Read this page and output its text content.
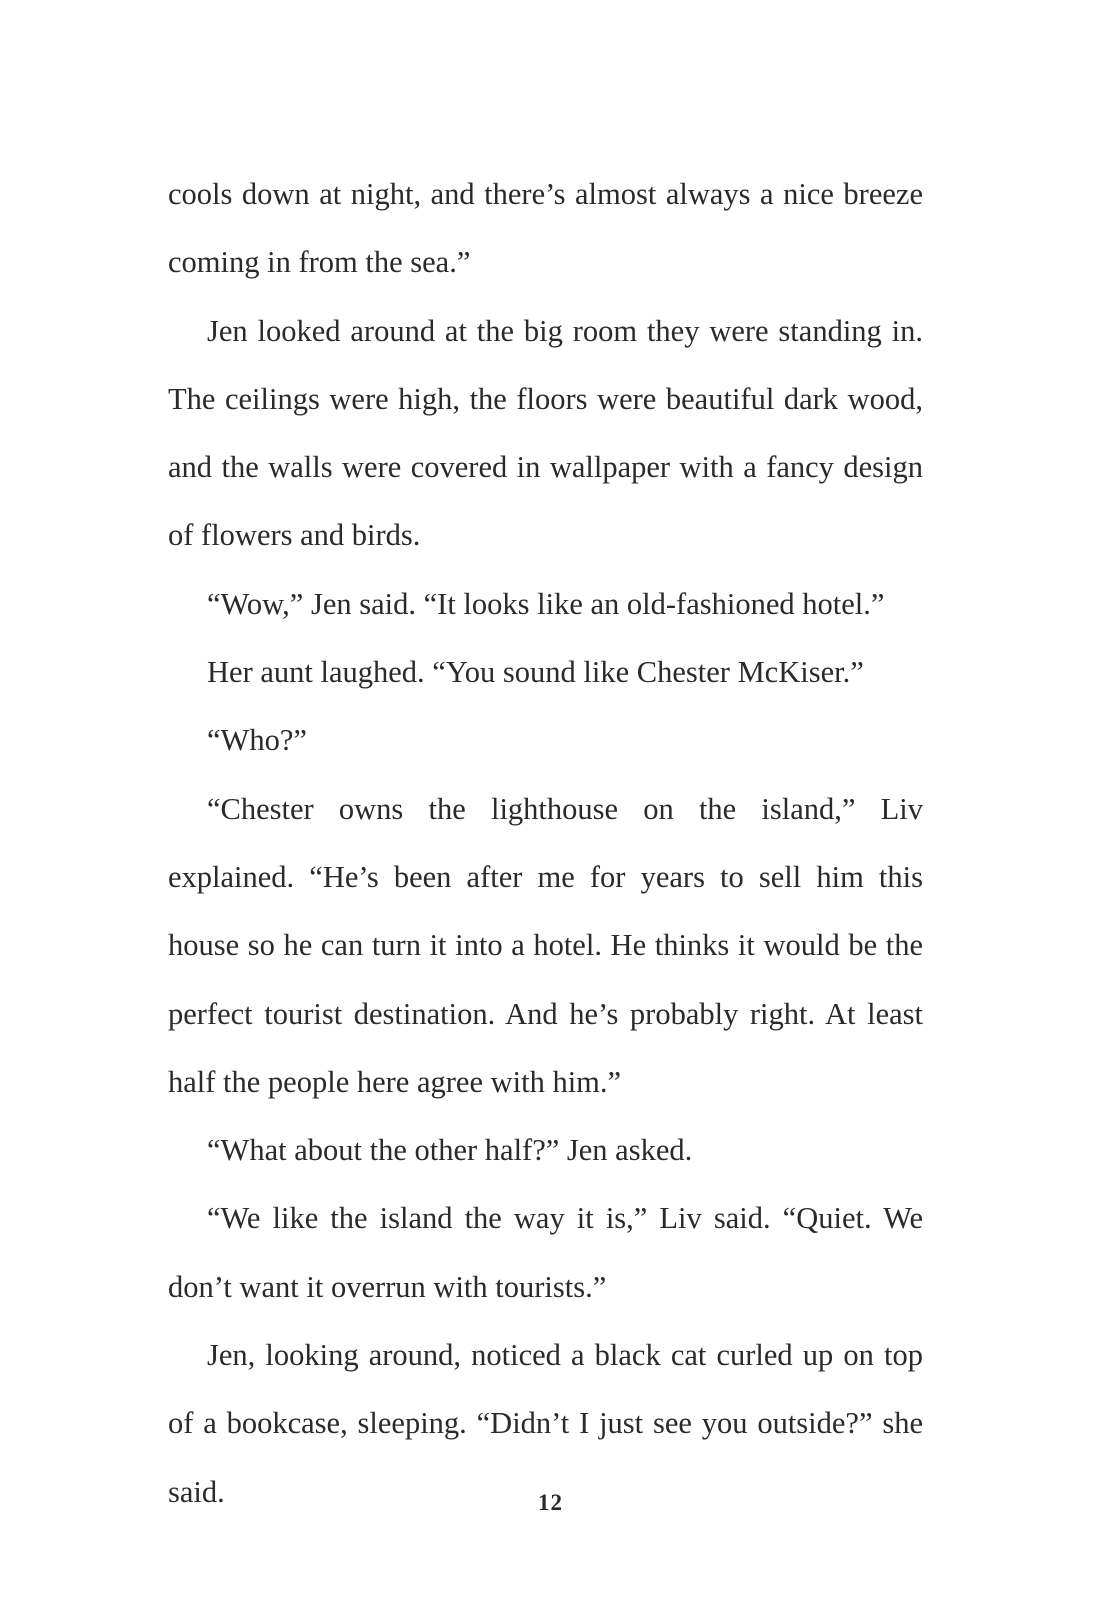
cools down at night, and there’s almost always a nice breeze coming in from the sea.”

Jen looked around at the big room they were standing in. The ceilings were high, the floors were beautiful dark wood, and the walls were covered in wallpaper with a fancy design of flowers and birds.

“Wow,” Jen said. “It looks like an old-fashioned hotel.”

Her aunt laughed. “You sound like Chester McKiser.”

“Who?”

“Chester owns the lighthouse on the island,” Liv explained. “He’s been after me for years to sell him this house so he can turn it into a hotel. He thinks it would be the perfect tourist destination. And he’s probably right. At least half the people here agree with him.”

“What about the other half?” Jen asked.

“We like the island the way it is,” Liv said. “Quiet. We don’t want it overrun with tourists.”

Jen, looking around, noticed a black cat curled up on top of a bookcase, sleeping. “Didn’t I just see you outside?” she said.	12
